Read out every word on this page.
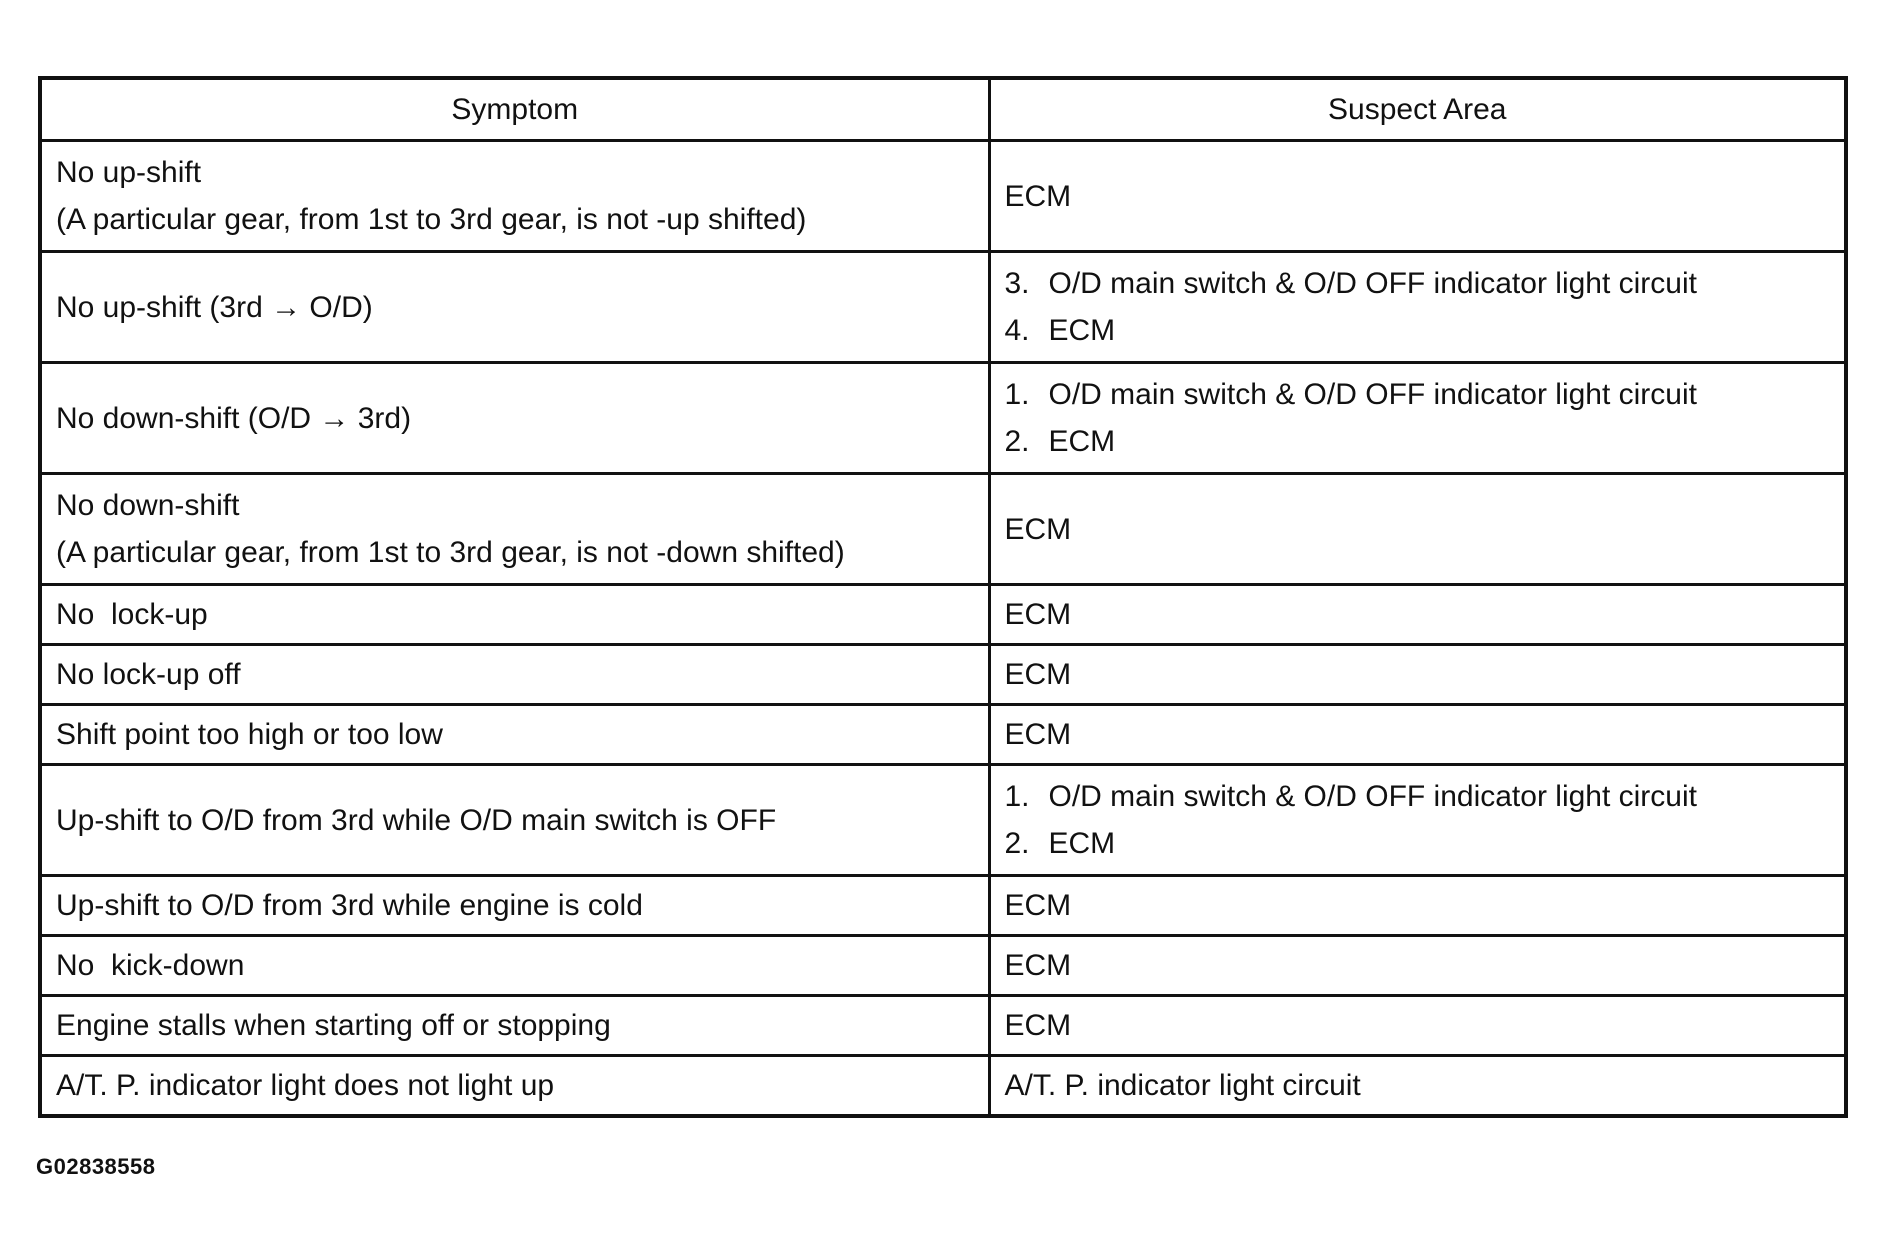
Symptom	Suspect Area

No up-shift
(A particular gear, from 1st to 3rd gear, is not -up shifted)	ECM

No up-shift (3rd → O/D)	3. O/D main switch & O/D OFF indicator light circuit
4. ECM

No down-shift (O/D → 3rd)	1. O/D main switch & O/D OFF indicator light circuit
2. ECM

No down-shift
(A particular gear, from 1st to 3rd gear, is not -down shifted)	ECM

No  lock-up	ECM

No lock-up off	ECM

Shift point too high or too low	ECM

Up-shift to O/D from 3rd while O/D main switch is OFF	1. O/D main switch & O/D OFF indicator light circuit
2. ECM

Up-shift to O/D from 3rd while engine is cold	ECM

No  kick-down	ECM

Engine stalls when starting off or stopping	ECM

A/T. P. indicator light does not light up	A/T. P. indicator light circuit
G02838558
